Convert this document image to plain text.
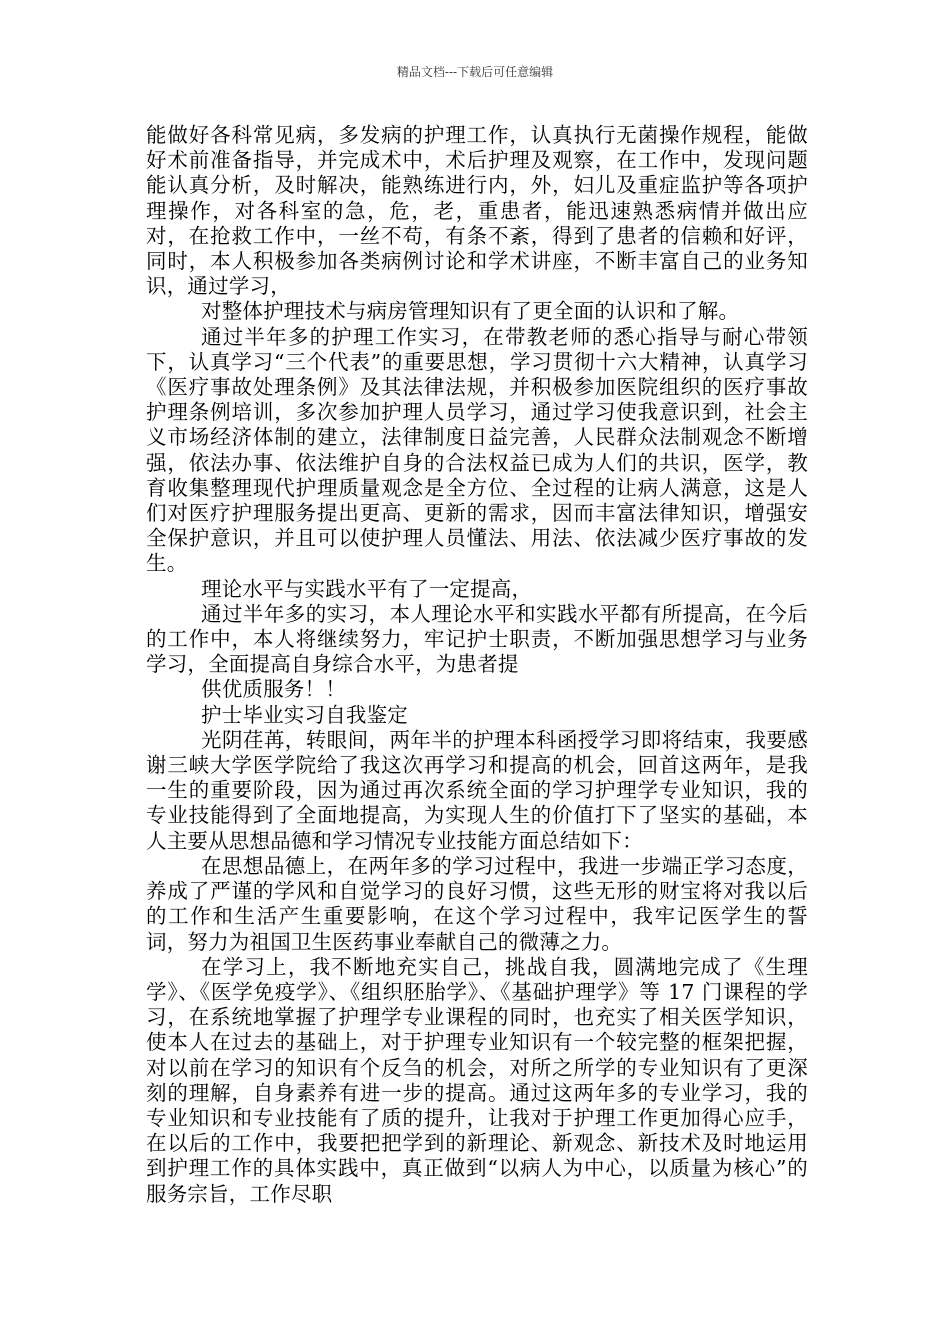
精品文档---下载后可任意编辑

能做好各科常见病，多发病的护理工作，认真执行无菌操作规程，能做好术前准备指导，并完成术中，术后护理及观察，在工作中，发现问题能认真分析，及时解决，能熟练进行内，外，妇儿及重症监护等各项护理操作，对各科室的急，危，老，重患者，能迅速熟悉病情并做出应对，在抢救工作中，一丝不苟，有条不紊，得到了患者的信赖和好评，同时，本人积极参加各类病例讨论和学术讲座，不断丰富自己的业务知识，通过学习，

对整体护理技术与病房管理知识有了更全面的认识和了解。

通过半年多的护理工作实习，在带教老师的悉心指导与耐心带领下，认真学习“三个代表”的重要思想，学习贯彻十六大精神，认真学习《医疗事故处理条例》及其法律法规，并积极参加医院组织的医疗事故护理条例培训，多次参加护理人员学习，通过学习使我意识到，社会主义市场经济体制的建立，法律制度日益完善，人民群众法制观念不断增强，依法办事、依法维护自身的合法权益已成为人们的共识，医学，教育收集整理现代护理质量观念是全方位、全过程的让病人满意，这是人们对医疗护理服务提出更高、更新的需求，因而丰富法律知识，增强安全保护意识，并且可以使护理人员懂法、用法、依法减少医疗事故的发生。

理论水平与实践水平有了一定提高，

通过半年多的实习，本人理论水平和实践水平都有所提高，在今后的工作中，本人将继续努力，牢记护士职责，不断加强思想学习与业务学习，全面提高自身综合水平，为患者提

供优质服务！！

护士毕业实习自我鉴定

光阴荏苒，转眼间，两年半的护理本科函授学习即将结束，我要感谢三峡大学医学院给了我这次再学习和提高的机会，回首这两年，是我一生的重要阶段，因为通过再次系统全面的学习护理学专业知识，我的专业技能得到了全面地提高，为实现人生的价值打下了坚实的基础，本人主要从思想品德和学习情况专业技能方面总结如下：

在思想品德上，在两年多的学习过程中，我进一步端正学习态度，养成了严谨的学风和自觉学习的良好习惯，这些无形的财宝将对我以后的工作和生活产生重要影响，在这个学习过程中，我牢记医学生的誓词，努力为祖国卫生医药事业奉献自己的微薄之力。

在学习上，我不断地充实自己，挑战自我，圆满地完成了《生理学》、《医学免疫学》、《组织胚胎学》、《基础护理学》等 17 门课程的学习，在系统地掌握了护理学专业课程的同时，也充实了相关医学知识，使本人在过去的基础上，对于护理专业知识有一个较完整的框架把握，对以前在学习的知识有个反刍的机会，对所之所学的专业知识有了更深刻的理解，自身素养有进一步的提高。通过这两年多的专业学习，我的专业知识和专业技能有了质的提升，让我对于护理工作更加得心应手，在以后的工作中，我要把把学到的新理论、新观念、新技术及时地运用到护理工作的具体实践中，真正做到“以病人为中心，以质量为核心”的服务宗旨，工作尽职
